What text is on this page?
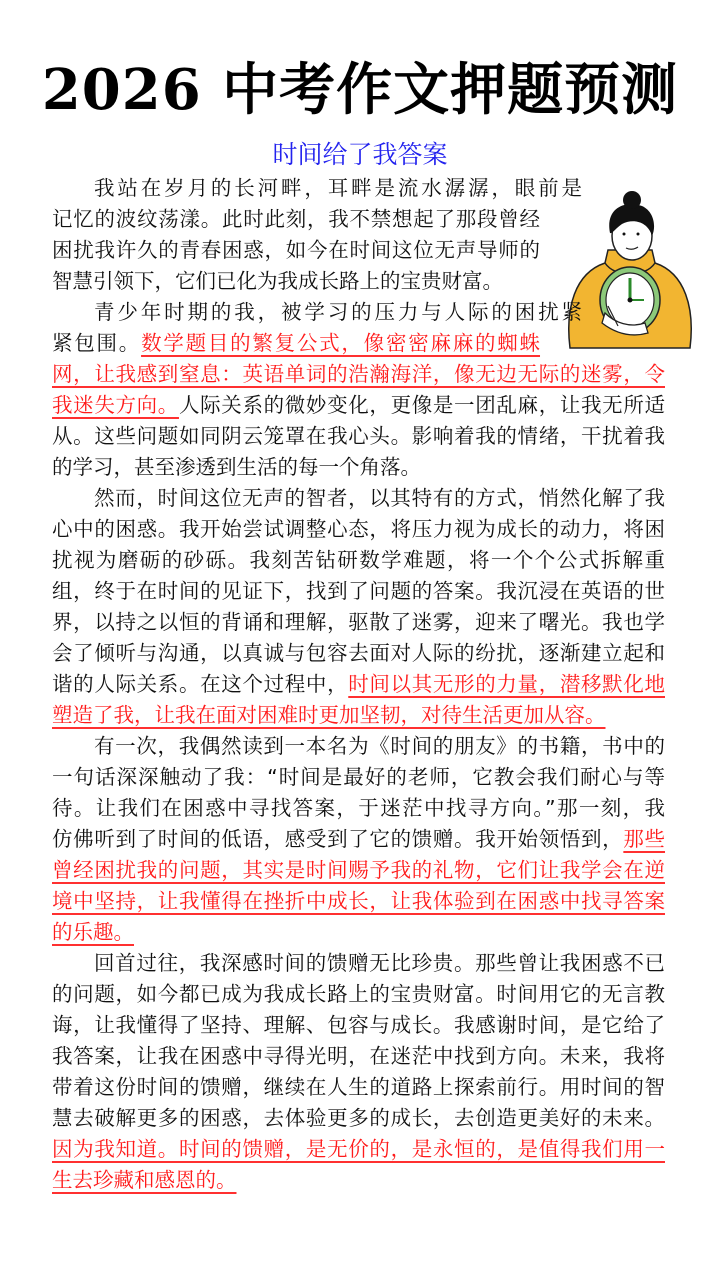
2026 中考作文押题预测
时间给了我答案
我站在岁月的长河畔，耳畔是流水潺潺，眼前是
记忆的波纹荡漾。此时此刻，我不禁想起了那段曾经
困扰我许久的青春困惑，如今在时间这位无声导师的
智慧引领下，它们已化为我成长路上的宝贵财富。
青少年时期的我，被学习的压力与人际的困扰紧
紧包围。数学题目的繁复公式，像密密麻麻的蜘蛛
网，让我感到窒息：英语单词的浩瀚海洋，像无边无际的迷雾，令
我迷失方向。人际关系的微妙变化，更像是一团乱麻，让我无所适
从。这些问题如同阴云笼罩在我心头。影响着我的情绪，干扰着我
的学习，甚至渗透到生活的每一个角落。
然而，时间这位无声的智者，以其特有的方式，悄然化解了我
心中的困惑。我开始尝试调整心态，将压力视为成长的动力，将困
扰视为磨砺的砂砾。我刻苦钻研数学难题，将一个个公式拆解重
组，终于在时间的见证下，找到了问题的答案。我沉浸在英语的世
界，以持之以恒的背诵和理解，驱散了迷雾，迎来了曙光。我也学
会了倾听与沟通，以真诚与包容去面对人际的纷扰，逐渐建立起和
谐的人际关系。在这个过程中，时间以其无形的力量，潜移默化地
塑造了我，让我在面对困难时更加坚韧，对待生活更加从容。
有一次，我偶然读到一本名为《时间的朋友》的书籍，书中的
一句话深深触动了我：“时间是最好的老师，它教会我们耐心与等
待。让我们在困惑中寻找答案，于迷茫中找寻方向。”那一刻，我
仿佛听到了时间的低语，感受到了它的馈赠。我开始领悟到，那些
曾经困扰我的问题，其实是时间赐予我的礼物，它们让我学会在逆
境中坚持，让我懂得在挫折中成长，让我体验到在困惑中找寻答案
的乐趣。
回首过往，我深感时间的馈赠无比珍贵。那些曾让我困惑不已
的问题，如今都已成为我成长路上的宝贵财富。时间用它的无言教
诲，让我懂得了坚持、理解、包容与成长。我感谢时间，是它给了
我答案，让我在困惑中寻得光明，在迷茫中找到方向。未来，我将
带着这份时间的馈赠，继续在人生的道路上探索前行。用时间的智
慧去破解更多的困惑，去体验更多的成长，去创造更美好的未来。
因为我知道。时间的馈赠，是无价的，是永恒的，是值得我们用一
生去珍藏和感恩的。
